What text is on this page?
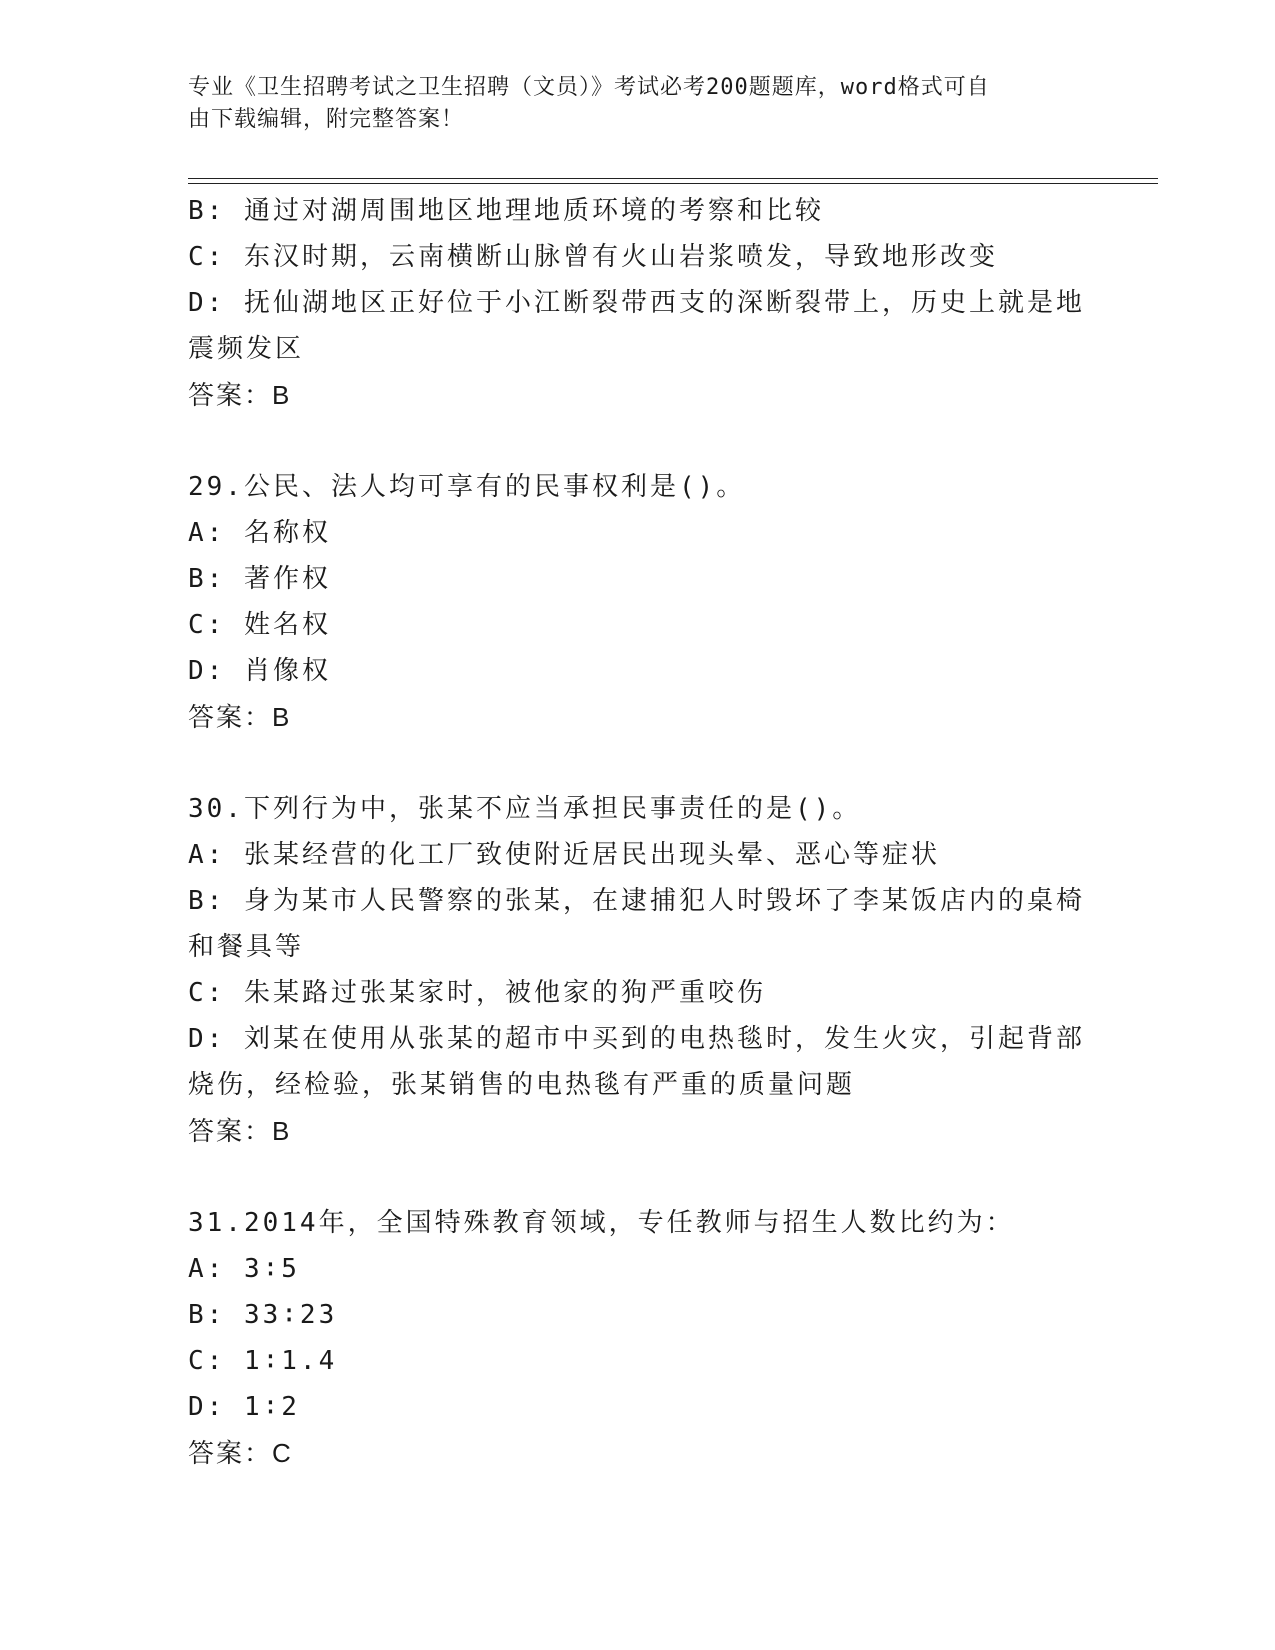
专业《卫生招聘考试之卫生招聘（文员）》考试必考200题题库，word格式可自
由下载编辑，附完整答案！
B: 通过对湖周围地区地理地质环境的考察和比较
C: 东汉时期，云南横断山脉曾有火山岩浆喷发，导致地形改变
D: 抚仙湖地区正好位于小江断裂带西支的深断裂带上，历史上就是地
震频发区
答案：B
29.公民、法人均可享有的民事权利是()。
A: 名称权
B: 著作权
C: 姓名权
D: 肖像权
答案：B
30.下列行为中，张某不应当承担民事责任的是()。
A: 张某经营的化工厂致使附近居民出现头晕、恶心等症状
B: 身为某市人民警察的张某，在逮捕犯人时毁坏了李某饭店内的桌椅
和餐具等
C: 朱某路过张某家时，被他家的狗严重咬伤
D: 刘某在使用从张某的超市中买到的电热毯时，发生火灾，引起背部
烧伤，经检验，张某销售的电热毯有严重的质量问题
答案：B
31.2014年，全国特殊教育领域，专任教师与招生人数比约为：
A: 3∶5
B: 33∶23
C: 1∶1.4
D: 1∶2
答案：C
